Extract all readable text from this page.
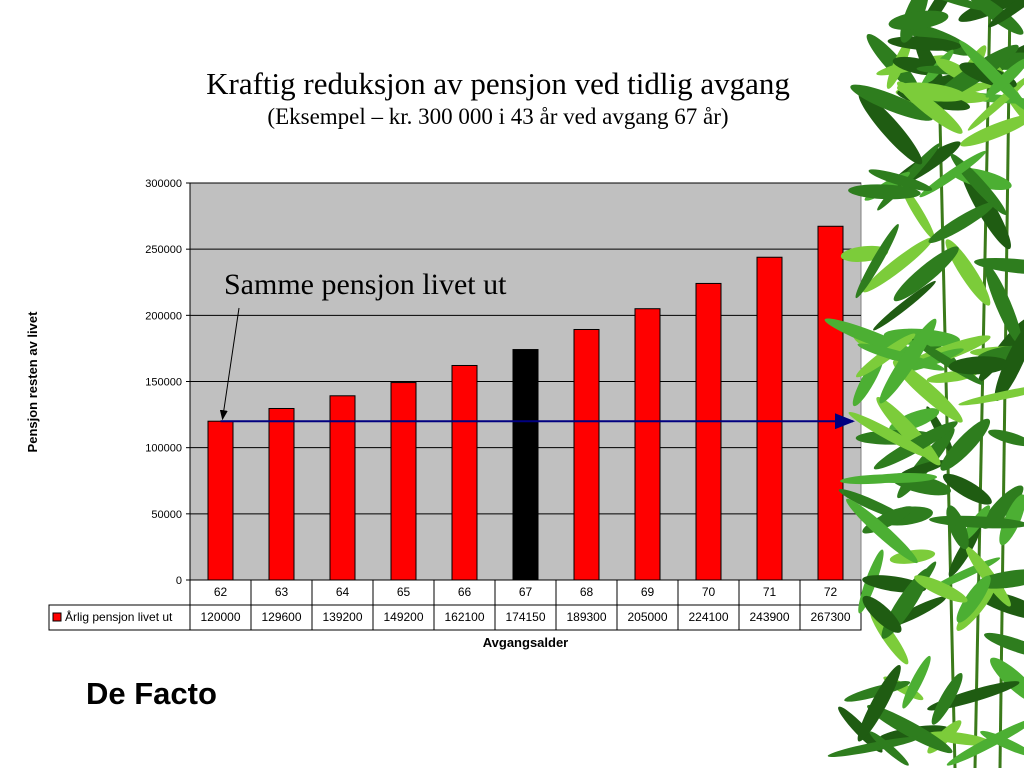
Kraftig reduksjon av pensjon ved tidlig avgang
(Eksempel – kr. 300 000 i 43 år ved avgang 67 år)
0
50000
100000
150000
200000
250000
300000
Samme pensjon livet ut
62	63	64	65	66	67	68	69	70	71	72
120000 129600 139200 149200 162100 174150 189300 205000 224100 243900 267300
Årlig pensjon livet ut
Avgangsalder
Pensjon resten av livet
De Facto
